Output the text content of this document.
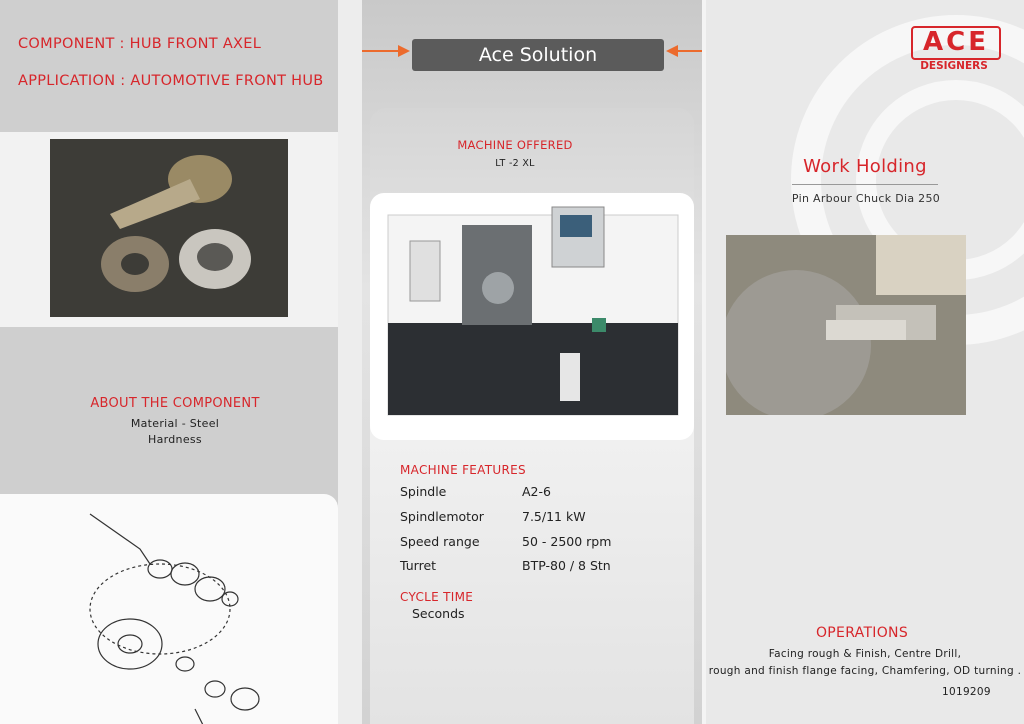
COMPONENT : HUB FRONT AXEL
APPLICATION : AUTOMOTIVE FRONT HUB
ABOUT THE COMPONENT
Material - Steel
Hardness
MACHINE OFFERED
LT -2 XL
MACHINE FEATURES
Spindle	A2-6
Spindlemotor	7.5/11 kW
Speed range	50 - 2500 rpm
Turret	BTP-80 / 8 Stn
CYCLE TIME
Seconds
Ace Solution	ACE
DESIGNERS
Work Holding
Pin Arbour Chuck Dia 250
OPERATIONS
Facing rough & Finish, Centre Drill,
rough and finish flange facing, Chamfering, OD turning .
1019209
